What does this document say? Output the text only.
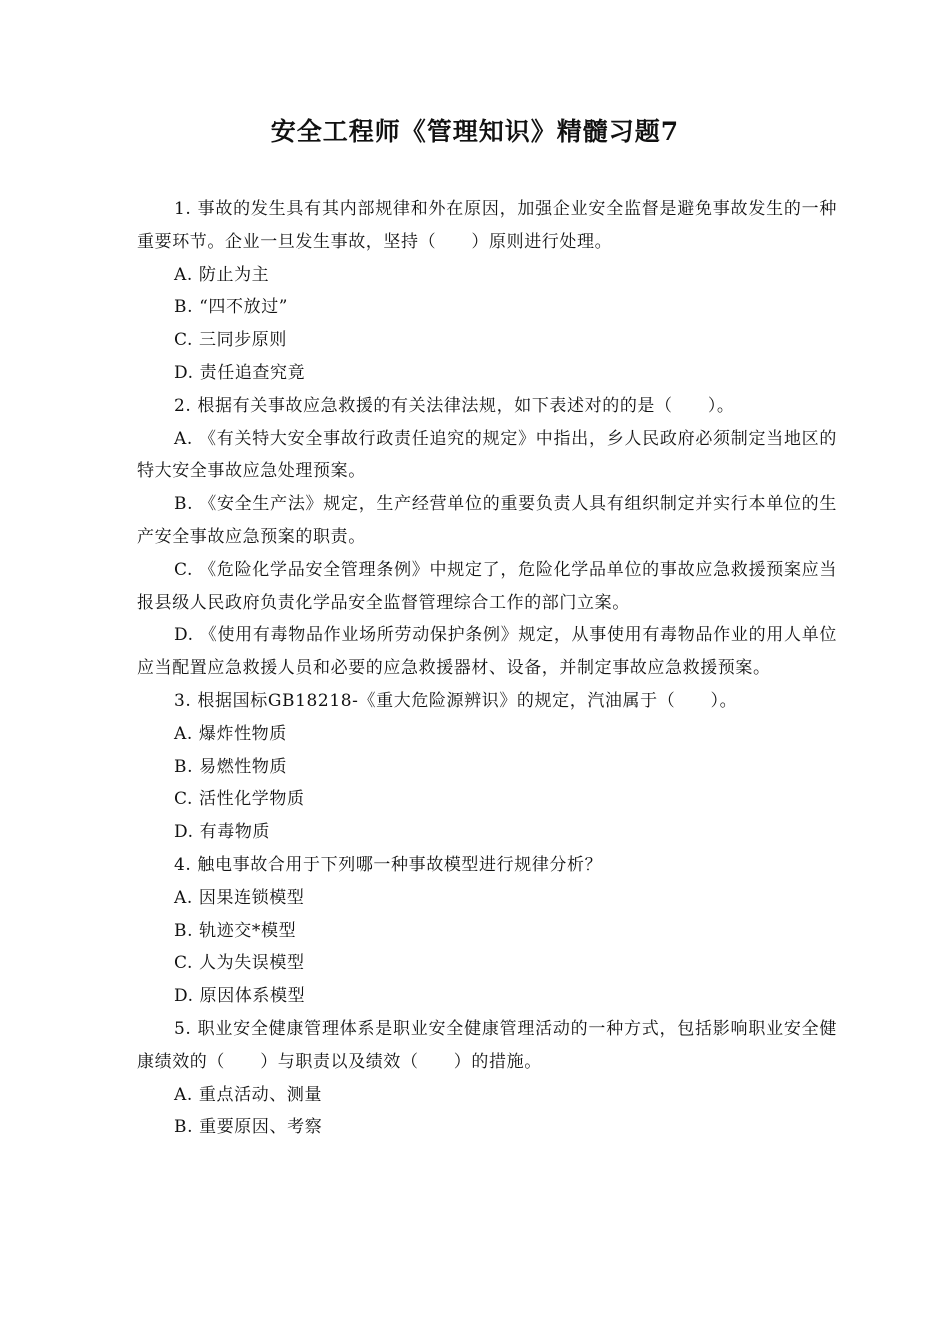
安全工程师《管理知识》精髓习题7

1. 事故的发生具有其内部规律和外在原因，加强企业安全监督是避免事故发生的一种重要环节。企业一旦发生事故，坚持（　　）原则进行处理。

A. 防止为主

B. “四不放过”

C. 三同步原则

D. 责任追查究竟

2. 根据有关事故应急救援的有关法律法规，如下表述对的的是（　　）。

A. 《有关特大安全事故行政责任追究的规定》中指出，乡人民政府必须制定当地区的特大安全事故应急处理预案。

B. 《安全生产法》规定，生产经营单位的重要负责人具有组织制定并实行本单位的生产安全事故应急预案的职责。

C. 《危险化学品安全管理条例》中规定了，危险化学品单位的事故应急救援预案应当报县级人民政府负责化学品安全监督管理综合工作的部门立案。

D. 《使用有毒物品作业场所劳动保护条例》规定，从事使用有毒物品作业的用人单位应当配置应急救援人员和必要的应急救援器材、设备，并制定事故应急救援预案。

3. 根据国标GB18218-《重大危险源辨识》的规定，汽油属于（　　）。

A. 爆炸性物质

B. 易燃性物质

C. 活性化学物质

D. 有毒物质

4. 触电事故合用于下列哪一种事故模型进行规律分析？

A. 因果连锁模型

B. 轨迹交*模型

C. 人为失误模型

D. 原因体系模型

5. 职业安全健康管理体系是职业安全健康管理活动的一种方式，包括影响职业安全健康绩效的（　　）与职责以及绩效（　　）的措施。

A. 重点活动、测量

B. 重要原因、考察
